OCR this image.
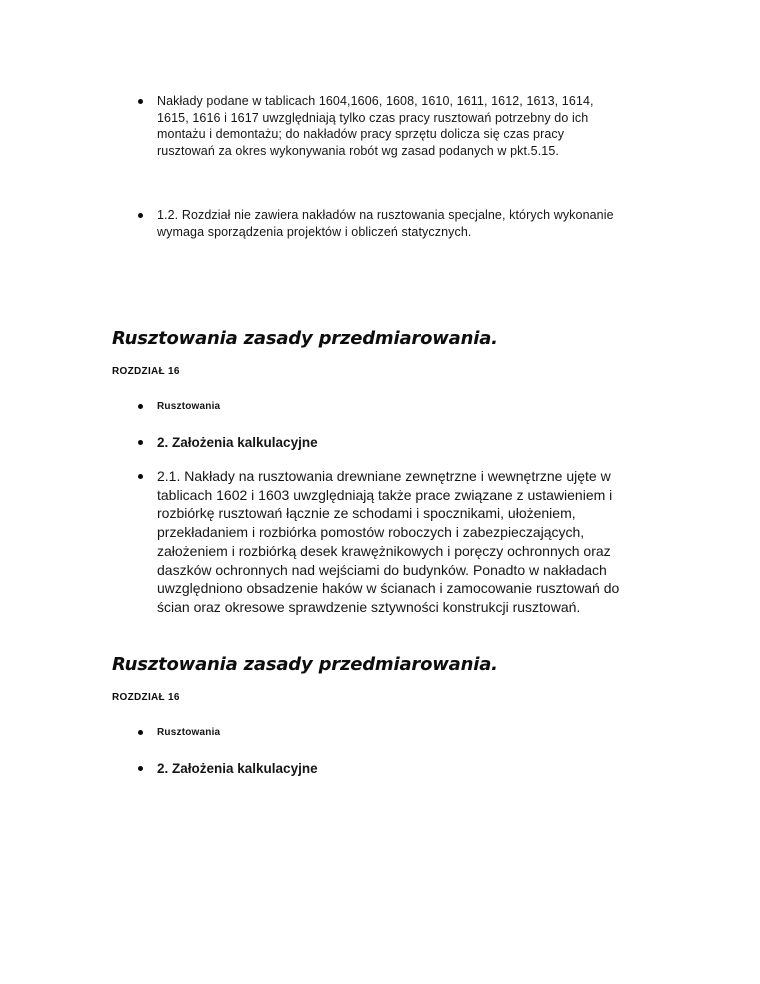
Nakłady podane w tablicach 1604,1606, 1608, 1610, 1611, 1612, 1613, 1614, 1615, 1616 i 1617 uwzględniają tylko czas pracy rusztowań potrzebny do ich montażu i demontażu; do nakładów pracy sprzętu dolicza się czas pracy rusztowań za okres wykonywania robót wg zasad podanych w pkt.5.15.

1.2. Rozdział nie zawiera nakładów na rusztowania specjalne, których wykonanie wymaga sporządzenia projektów i obliczeń statycznych.

Rusztowania zasady przedmiarowania.
ROZDZIAŁ 16

Rusztowania

2. Założenia kalkulacyjne

2.1. Nakłady na rusztowania drewniane zewnętrzne i wewnętrzne ujęte w tablicach 1602 i 1603 uwzględniają także prace związane z ustawieniem i rozbiórkę rusztowań łącznie ze schodami i spocznikami, ułożeniem, przekładaniem i rozbiórka pomostów roboczych i zabezpieczających, założeniem i rozbiórką desek krawężnikowych i poręczy ochronnych oraz daszków ochronnych nad wejściami do budynków. Ponadto w nakładach uwzględniono obsadzenie haków w ścianach i zamocowanie rusztowań do ścian oraz okresowe sprawdzenie sztywności konstrukcji rusztowań.

Rusztowania zasady przedmiarowania.
ROZDZIAŁ 16

Rusztowania

2. Założenia kalkulacyjne
